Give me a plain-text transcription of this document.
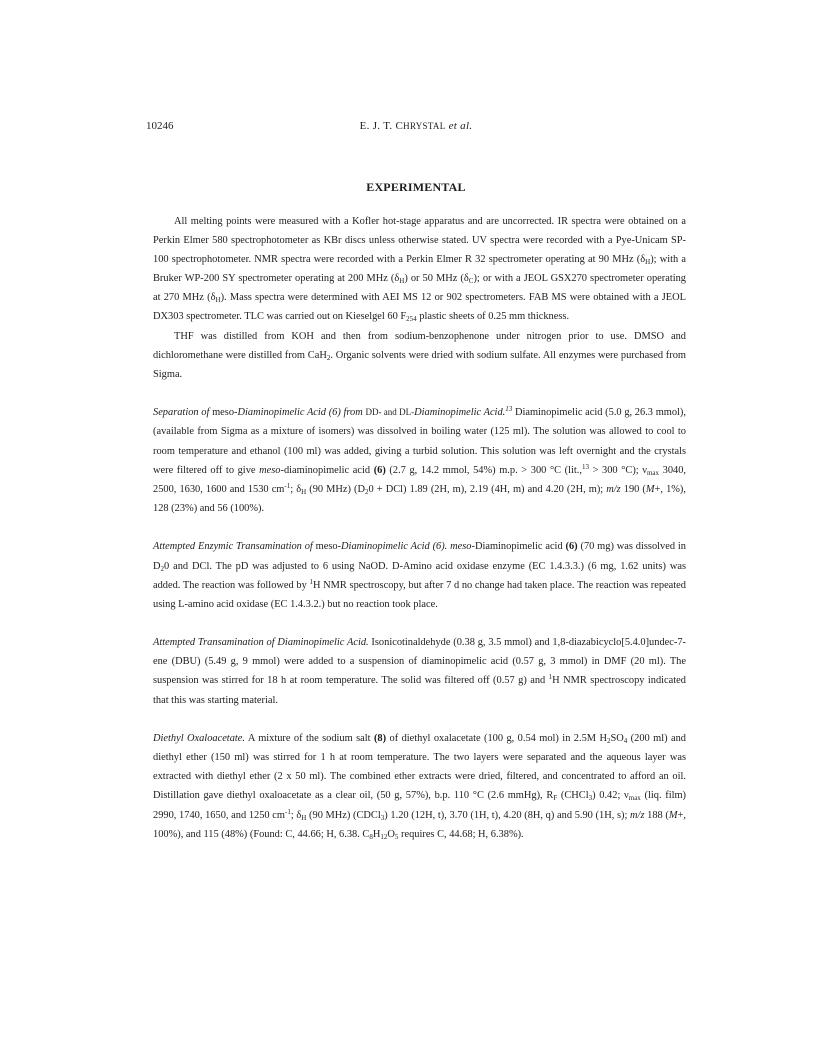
10246	E. J. T. CHRYSTAL et al.
EXPERIMENTAL

All melting points were measured with a Kofler hot-stage apparatus and are uncorrected. IR spectra were obtained on a Perkin Elmer 580 spectrophotometer as KBr discs unless otherwise stated. UV spectra were recorded with a Pye-Unicam SP-100 spectrophotometer. NMR spectra were recorded with a Perkin Elmer R 32 spectrometer operating at 90 MHz $(\delta_H)$; with a Bruker WP-200 SY spectrometer operating at 200 MHz $(\delta_H)$ or 50 MHz $(\delta_C)$; or with a JEOL GSX270 spectrometer operating at 270 MHz $(\delta_H)$. Mass spectra were determined with AEI MS 12 or 902 spectrometers. FAB MS were obtained with a JEOL DX303 spectrometer. TLC was carried out on Kieselgel 60 $F_{254}$ plastic sheets of 0.25 mm thickness.

THF was distilled from KOH and then from sodium-benzophenone under nitrogen prior to use. DMSO and dichloromethane were distilled from CaH$_2$. Organic solvents were dried with sodium sulfate. All enzymes were purchased from Sigma.

Separation of meso-Diaminopimelic Acid (6) from DD- and DL-Diaminopimelic Acid.$^{13}$ Diaminopimelic acid (5.0 g, 26.3 mmol), (available from Sigma as a mixture of isomers) was dissolved in boiling water (125 ml). The solution was allowed to cool to room temperature and ethanol (100 ml) was added, giving a turbid solution. This solution was left overnight and the crystals were filtered off to give meso-diaminopimelic acid (6) (2.7 g, 14.2 mmol, 54%) m.p. > 300 °C (lit.,$^{13}$ > 300 °C); $\nu_{max}$ 3040, 2500, 1630, 1600 and 1530 $cm^{-1}$; $\delta_H$ (90 MHz) $(D_20 + DCl)$ 1.89 (2H, m), 2.19 (4H, m) and 4.20 (2H, m); m/z 190 (M+, 1%), 128 (23%) and 56 (100%).

Attempted Enzymic Transamination of meso-Diaminopimelic Acid (6). meso-Diaminopimelic acid (6) (70 mg) was dissolved in $D_20$ and DCl. The pD was adjusted to 6 using NaOD. D-Amino acid oxidase enzyme (EC 1.4.3.3.) (6 mg, 1.62 units) was added. The reaction was followed by $^1$H NMR spectroscopy, but after 7 d no change had taken place. The reaction was repeated using L-amino acid oxidase (EC 1.4.3.2.) but no reaction took place.

Attempted Transamination of Diaminopimelic Acid. Isonicotinaldehyde (0.38 g, 3.5 mmol) and 1,8-diazabicyclo[5.4.0]undec-7-ene (DBU) (5.49 g, 9 mmol) were added to a suspension of diaminopimelic acid (0.57 g, 3 mmol) in DMF (20 ml). The suspension was stirred for 18 h at room temperature. The solid was filtered off (0.57 g) and $^1$H NMR spectroscopy indicated that this was starting material.

Diethyl Oxaloacetate. A mixture of the sodium salt (8) of diethyl oxalacetate (100 g, 0.54 mol) in 2.5M $H_2SO_4$ (200 ml) and diethyl ether (150 ml) was stirred for 1 h at room temperature. The two layers were separated and the aqueous layer was extracted with diethyl ether (2 x 50 ml). The combined ether extracts were dried, filtered, and concentrated to afford an oil. Distillation gave diethyl oxaloacetate as a clear oil, (50 g, 57%), b.p. 110 °C (2.6 mmHg), $R_F$ (CHCl$_3$) 0.42; $\nu_{max}$ (liq. film) 2990, 1740, 1650, and 1250 $cm^{-1}$; $\delta_H$ (90 MHz) (CDCl$_3$) 1.20 (12H, t), 3.70 (1H, t), 4.20 (8H, q) and 5.90 (1H, s); m/z 188 (M+, 100%), and 115 (48%) (Found: C, 44.66; H, 6.38. $C_8H_{12}O_5$ requires C, 44.68; H, 6.38%).
